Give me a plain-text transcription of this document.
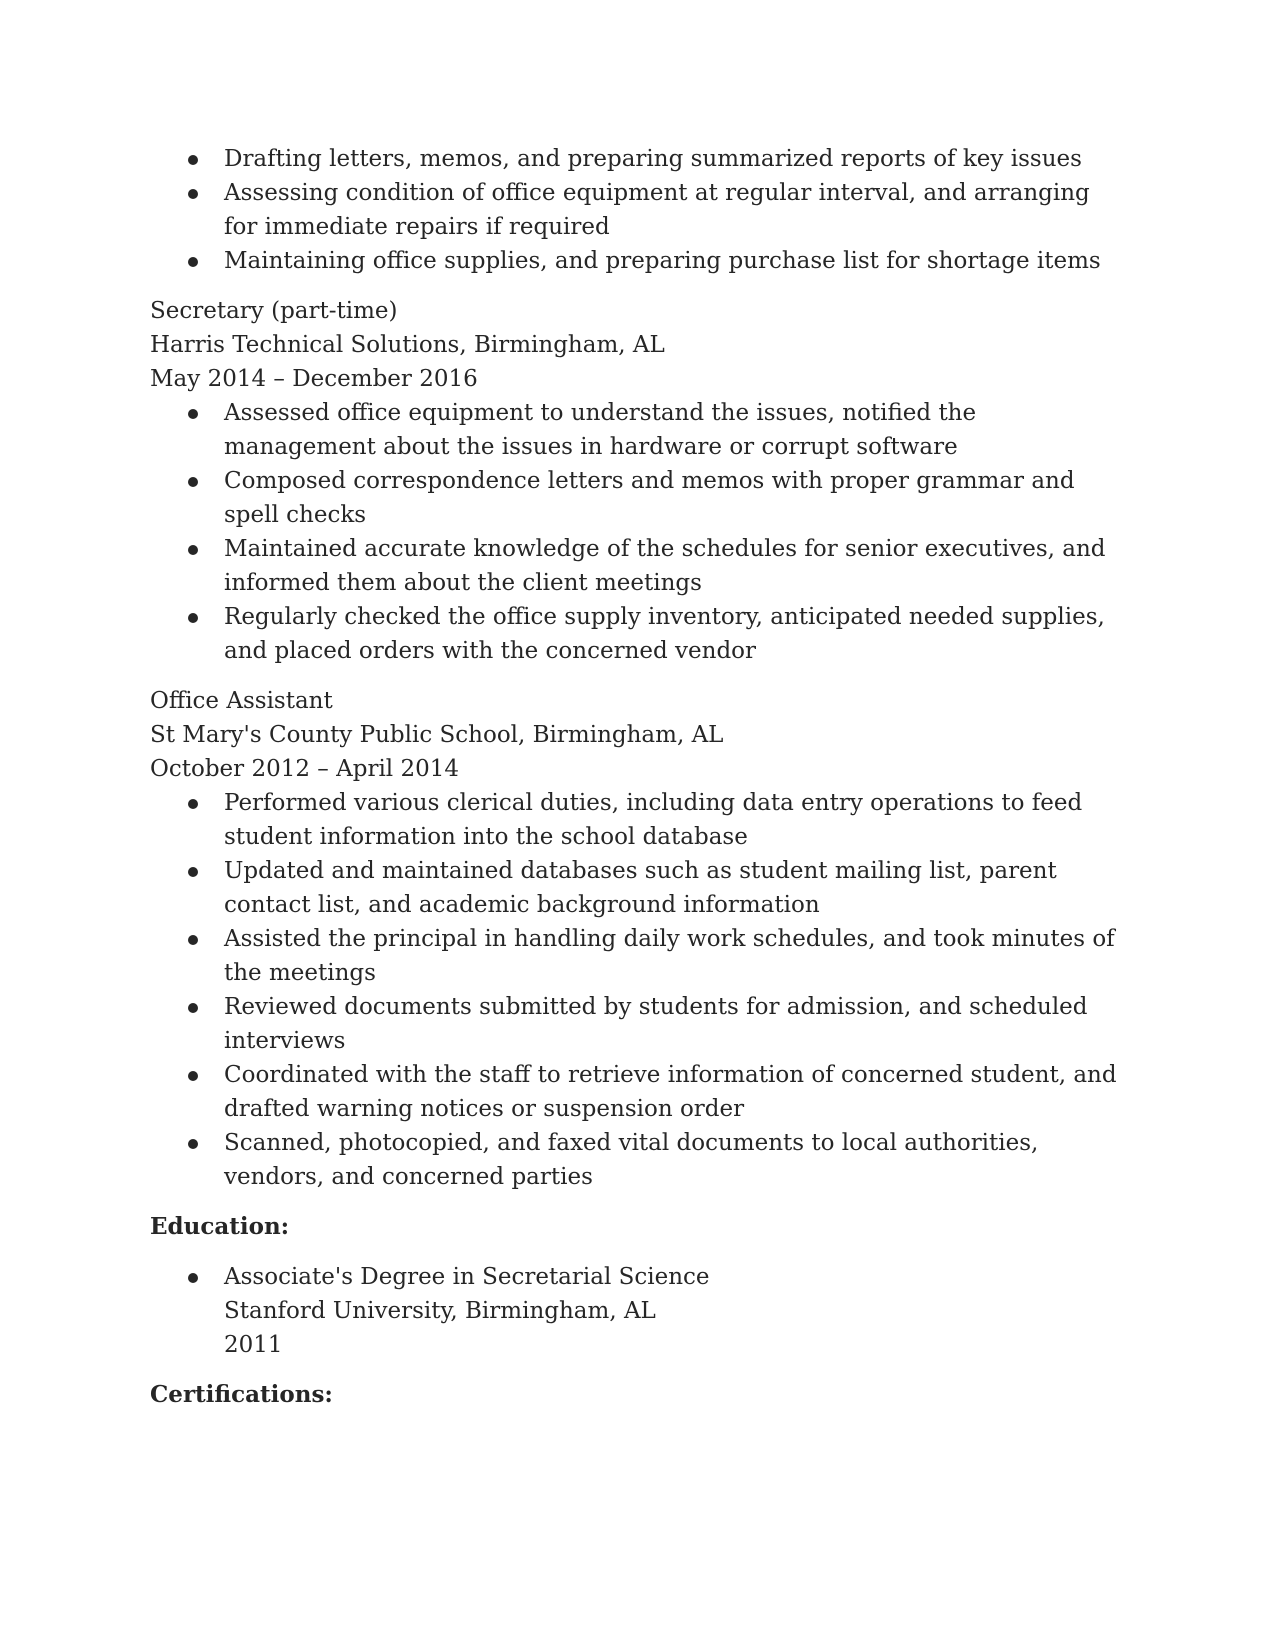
Drafting letters, memos, and preparing summarized reports of key issues
Assessing condition of office equipment at regular interval, and arranging for immediate repairs if required
Maintaining office supplies, and preparing purchase list for shortage items
Secretary (part-time)
Harris Technical Solutions, Birmingham, AL
May 2014 – December 2016
Assessed office equipment to understand the issues, notified the management about the issues in hardware or corrupt software
Composed correspondence letters and memos with proper grammar and spell checks
Maintained accurate knowledge of the schedules for senior executives, and informed them about the client meetings
Regularly checked the office supply inventory, anticipated needed supplies, and placed orders with the concerned vendor
Office Assistant
St Mary's County Public School, Birmingham, AL
October 2012 – April 2014
Performed various clerical duties, including data entry operations to feed student information into the school database
Updated and maintained databases such as student mailing list, parent contact list, and academic background information
Assisted the principal in handling daily work schedules, and took minutes of the meetings
Reviewed documents submitted by students for admission, and scheduled interviews
Coordinated with the staff to retrieve information of concerned student, and drafted warning notices or suspension order
Scanned, photocopied, and faxed vital documents to local authorities, vendors, and concerned parties
Education:
Associate's Degree in Secretarial Science
Stanford University, Birmingham, AL
2011
Certifications:
